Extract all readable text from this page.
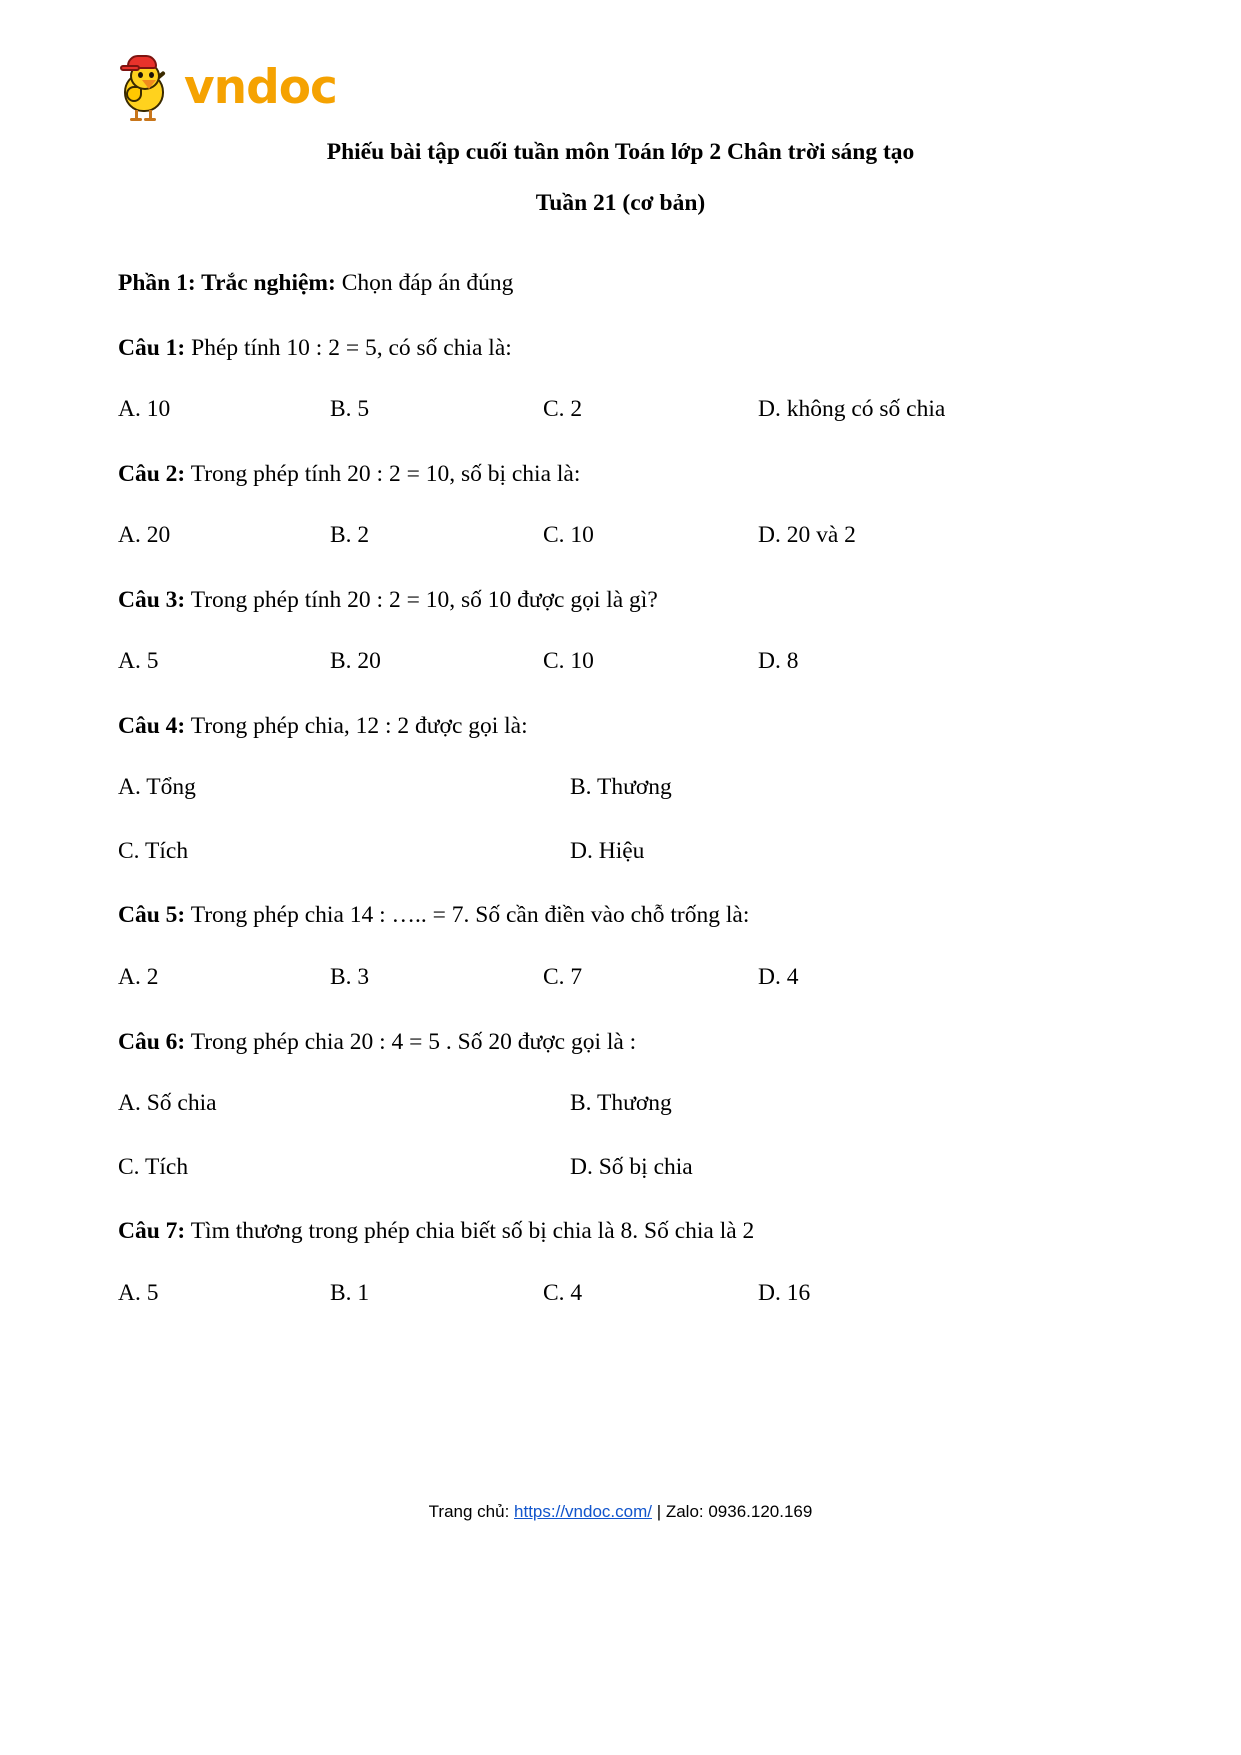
vndoc
Phiếu bài tập cuối tuần môn Toán lớp 2 Chân trời sáng tạo
Tuần 21 (cơ bản)

Phần 1: Trắc nghiệm: Chọn đáp án đúng

Câu 1: Phép tính 10 : 2 = 5, có số chia là:

A. 10	B. 5	C. 2	D. không có số chia

Câu 2: Trong phép tính 20 : 2 = 10, số bị chia là:

A. 20	B. 2	C. 10	D. 20 và 2

Câu 3: Trong phép tính 20 : 2 = 10, số 10 được gọi là gì?

A. 5	B. 20	C. 10	D. 8

Câu 4: Trong phép chia, 12 : 2 được gọi là:

A. Tổng	B. Thương
C. Tích	D. Hiệu

Câu 5: Trong phép chia 14 : ….. = 7. Số cần điền vào chỗ trống là:

A. 2	B. 3	C. 7	D. 4

Câu 6: Trong phép chia 20 : 4 = 5 . Số 20 được gọi là :

A. Số chia	B. Thương
C. Tích	D. Số bị chia

Câu 7: Tìm thương trong phép chia biết số bị chia là 8. Số chia là 2

A. 5	B. 1	C. 4	D. 16
Trang chủ: https://vndoc.com/ | Zalo: 0936.120.169
